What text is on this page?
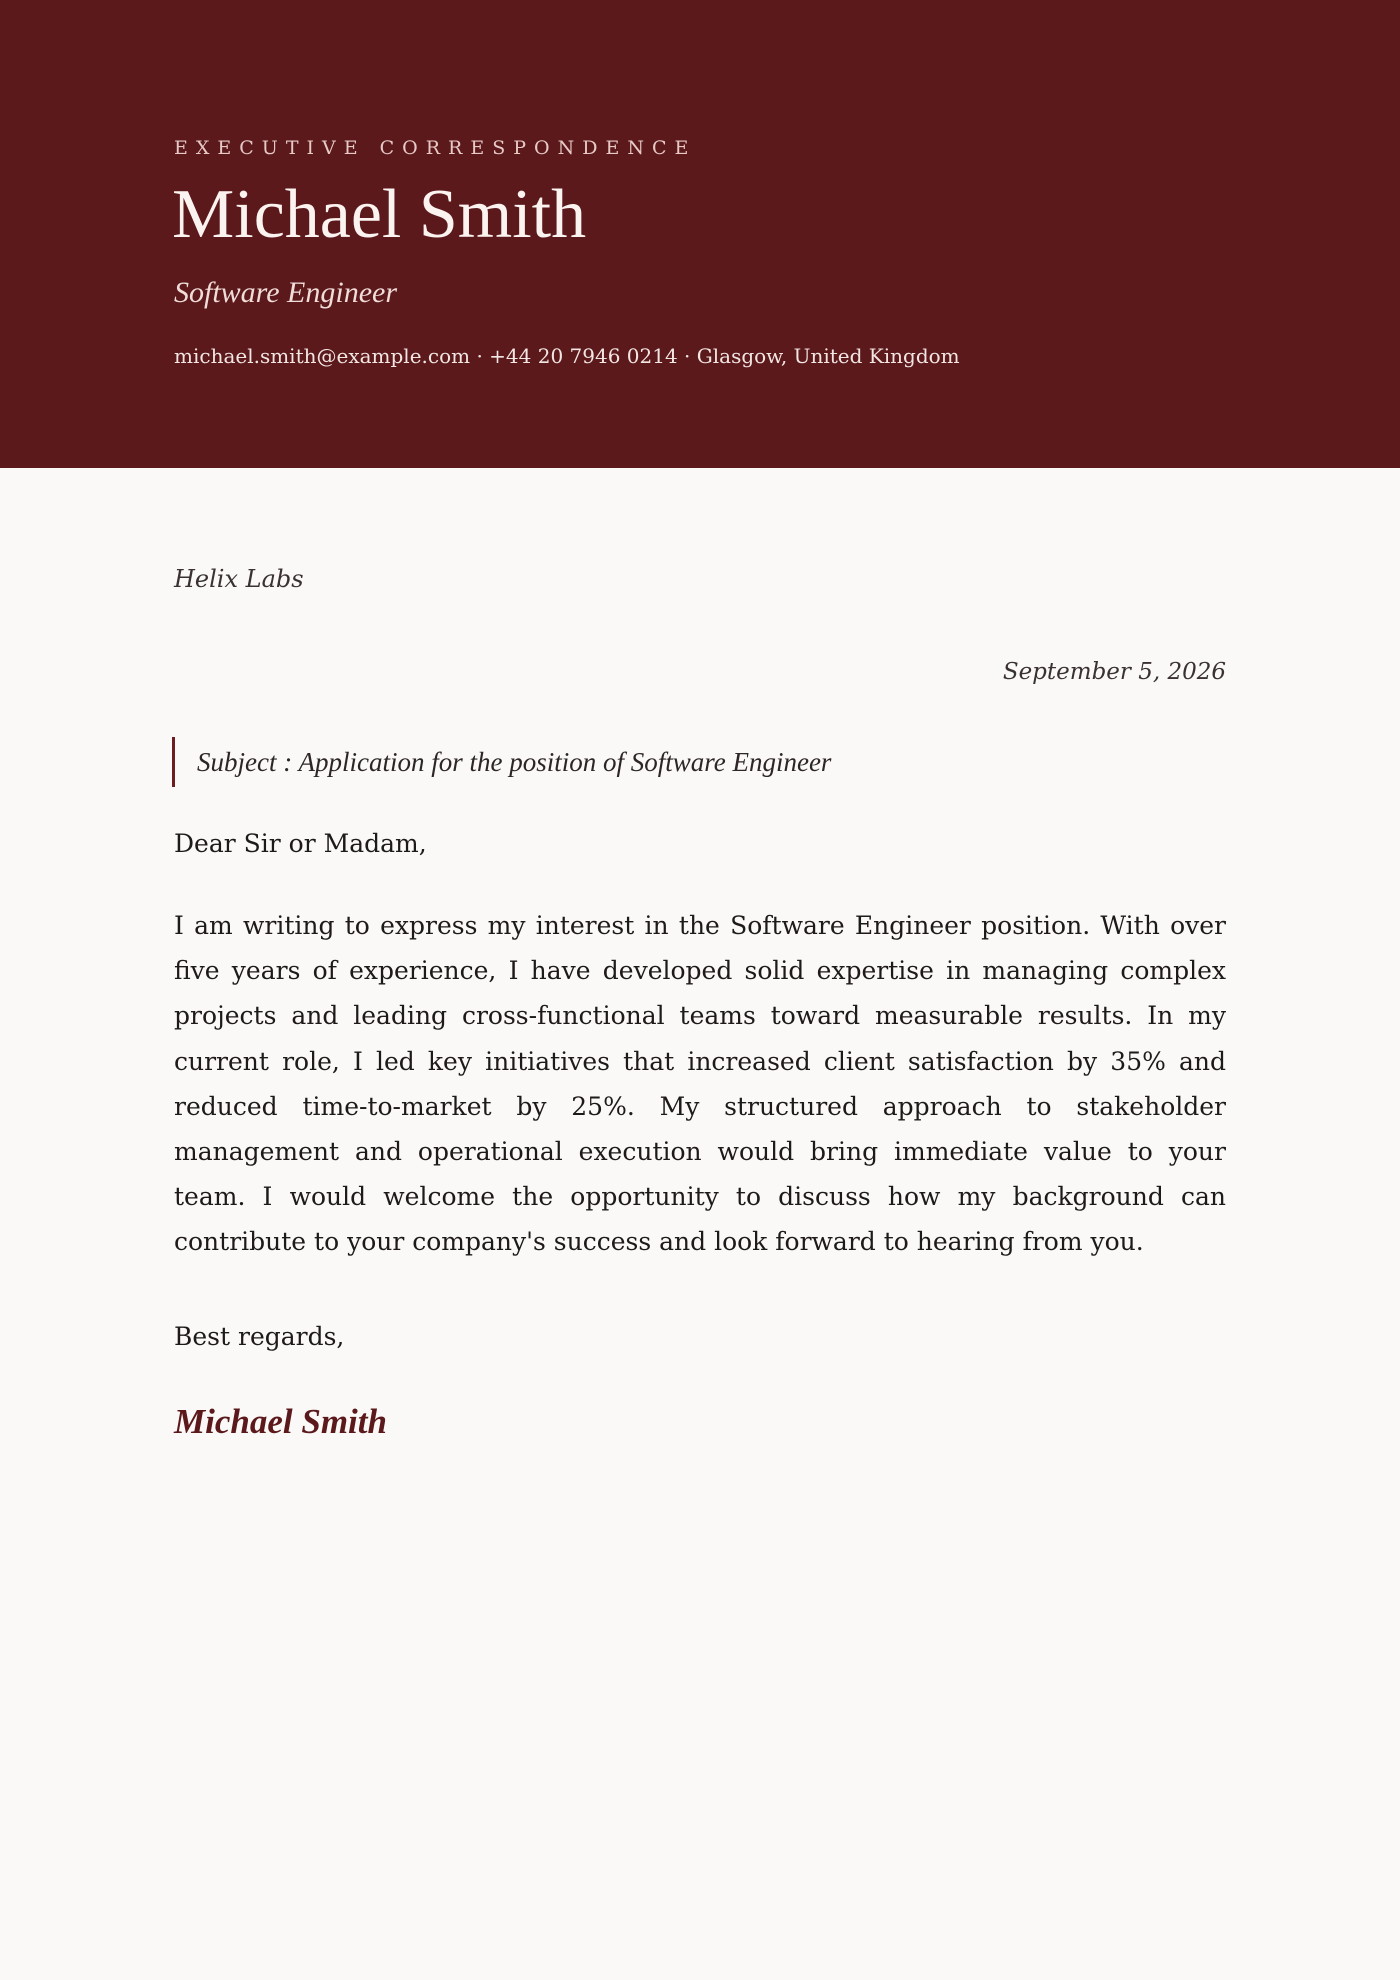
EXECUTIVE CORRESPONDENCE
Michael Smith
Software Engineer
michael.smith@example.com · +44 20 7946 0214 · Glasgow, United Kingdom
Helix Labs
September 5, 2026
Subject : Application for the position of Software Engineer
Dear Sir or Madam,

I am writing to express my interest in the Software Engineer position. With over five years of experience, I have developed solid expertise in managing complex projects and leading cross-functional teams toward measurable results. In my current role, I led key initiatives that increased client satisfaction by 35% and reduced time-to-market by 25%. My structured approach to stakeholder management and operational execution would bring immediate value to your team. I would welcome the opportunity to discuss how my background can contribute to your company's success and look forward to hearing from you.

Best regards,
Michael Smith
